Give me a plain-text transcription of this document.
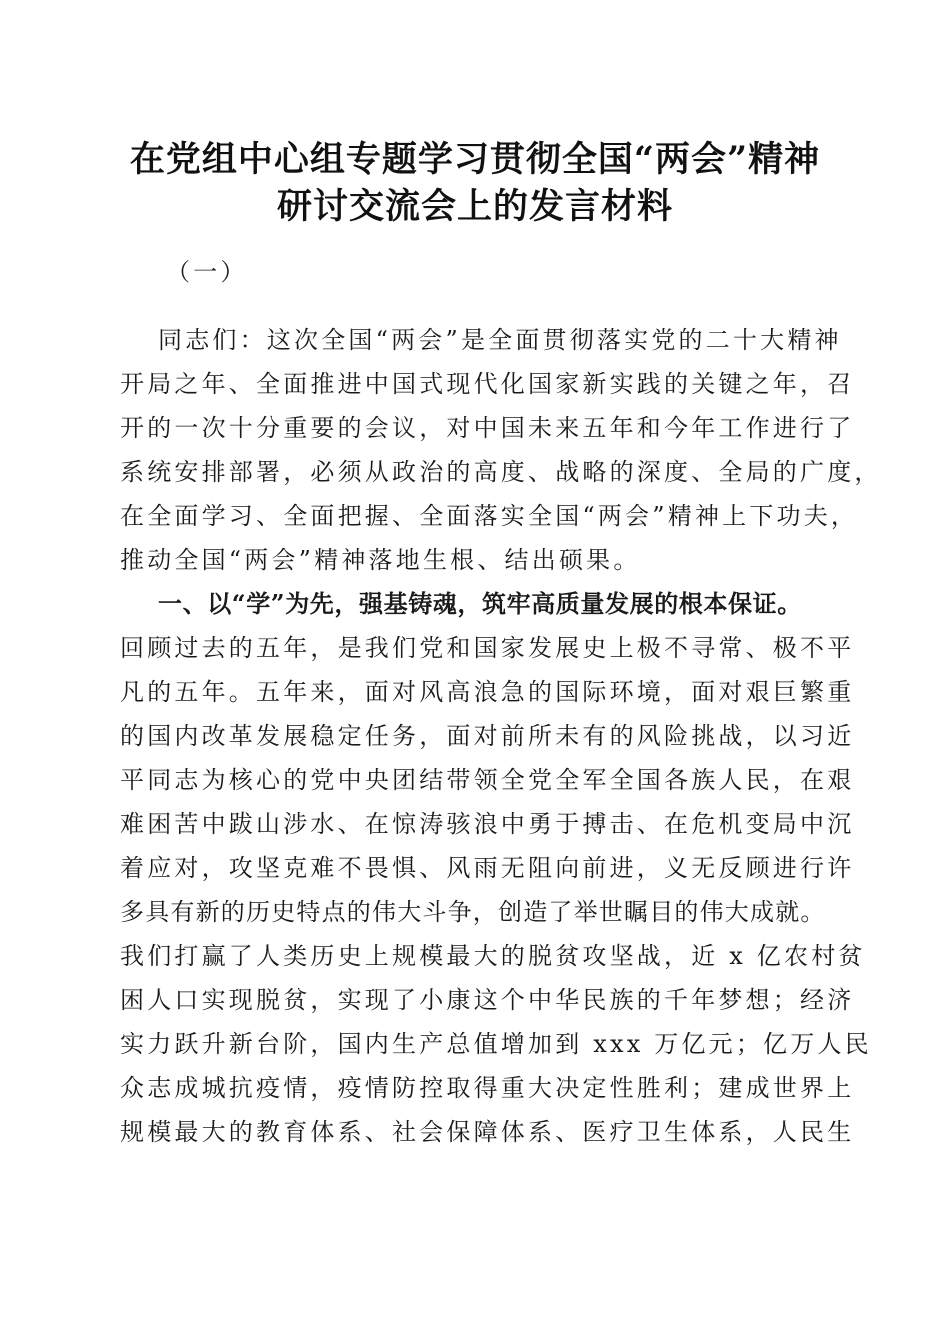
在党组中心组专题学习贯彻全国“两会”精神
研讨交流会上的发言材料
（一）
同志们：这次全国“两会”是全面贯彻落实党的二十大精神
开局之年、全面推进中国式现代化国家新实践的关键之年，召
开的一次十分重要的会议，对中国未来五年和今年工作进行了
系统安排部署，必须从政治的高度、战略的深度、全局的广度，
在全面学习、全面把握、全面落实全国“两会”精神上下功夫，
推动全国“两会”精神落地生根、结出硕果。
一、以“学”为先，强基铸魂，筑牢高质量发展的根本保证。
回顾过去的五年，是我们党和国家发展史上极不寻常、极不平
凡的五年。五年来，面对风高浪急的国际环境，面对艰巨繁重
的国内改革发展稳定任务，面对前所未有的风险挑战，以习近
平同志为核心的党中央团结带领全党全军全国各族人民，在艰
难困苦中跋山涉水、在惊涛骇浪中勇于搏击、在危机变局中沉
着应对，攻坚克难不畏惧、风雨无阻向前进，义无反顾进行许
多具有新的历史特点的伟大斗争，创造了举世瞩目的伟大成就。
我们打赢了人类历史上规模最大的脱贫攻坚战，近 x 亿农村贫
困人口实现脱贫，实现了小康这个中华民族的千年梦想；经济
实力跃升新台阶，国内生产总值增加到 xxx 万亿元；亿万人民
众志成城抗疫情，疫情防控取得重大决定性胜利；建成世界上
规模最大的教育体系、社会保障体系、医疗卫生体系，人民生
